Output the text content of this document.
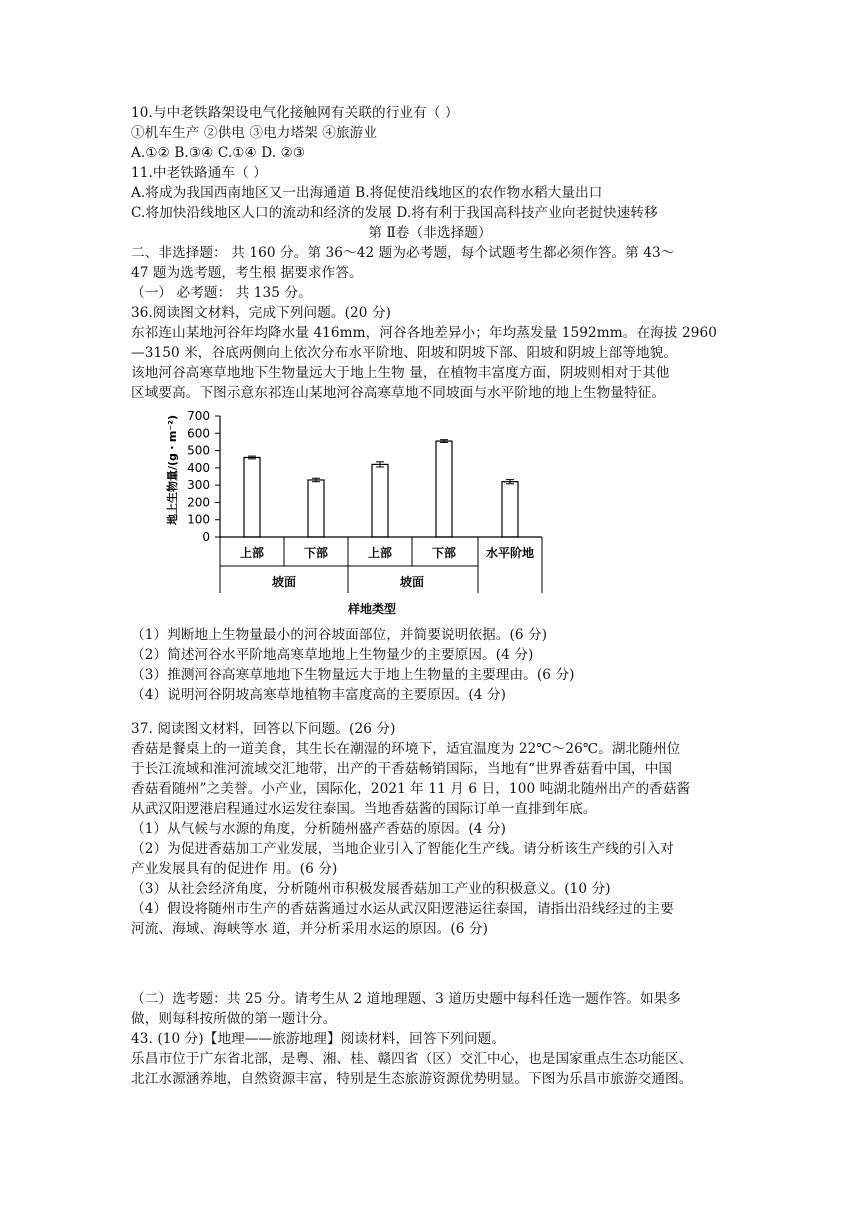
10.与中老铁路架设电气化接触网有关联的行业有（ ）
①机车生产 ②供电 ③电力塔架 ④旅游业
A.①② B.③④ C.①④ D. ②③
11.中老铁路通车（ ）
A.将成为我国西南地区又一出海通道 B.将促使沿线地区的农作物水稻大量出口
C.将加快沿线地区人口的流动和经济的发展 D.将有利于我国高科技产业向老挝快速转移
第 Ⅱ卷（非选择题）
二、非选择题： 共 160 分。第 36～42 题为必考题，每个试题考生都必须作答。第 43～
47 题为选考题，考生根 据要求作答。
（一） 必考题： 共 135 分。
36.阅读图文材料，完成下列问题。(20 分)
东祁连山某地河谷年均降水量 416mm，河谷各地差异小；年均蒸发量 1592mm。在海拔 2960
—3150 米，谷底两侧向上依次分布水平阶地、阳坡和阴坡下部、阳坡和阴坡上部等地貌。
该地河谷高寒草地地下生物量远大于地上生物 量，在植物丰富度方面，阴坡则相对于其他
区域要高。下图示意东祁连山某地河谷高寒草地不同坡面与水平阶地的地上生物量特征。
0
100
200
300
400
500
600
700
上部	下部	上部	下部 水平阶地
坡面	坡面
地上生物量/(g・m⁻²)
样地类型
（1）判断地上生物量最小的河谷坡面部位，并简要说明依据。(6 分)
（2）简述河谷水平阶地高寒草地地上生物量少的主要原因。(4 分)
（3）推测河谷高寒草地地下生物量远大于地上生物量的主要理由。(6 分)
（4）说明河谷阴坡高寒草地植物丰富度高的主要原因。(4 分)
37. 阅读图文材料，回答以下问题。(26 分)
香菇是餐桌上的一道美食，其生长在潮湿的环境下，适宜温度为 22℃～26℃。湖北随州位
于长江流域和淮河流域交汇地带，出产的干香菇畅销国际，当地有“世界香菇看中国，中国
香菇看随州”之美誉。小产业，国际化，2021 年 11 月 6 日，100 吨湖北随州出产的香菇酱
从武汉阳逻港启程通过水运发往泰国。当地香菇酱的国际订单一直排到年底。
（1）从气候与水源的角度，分析随州盛产香菇的原因。(4 分)
（2）为促进香菇加工产业发展，当地企业引入了智能化生产线。请分析该生产线的引入对
产业发展具有的促进作 用。(6 分)
（3）从社会经济角度，分析随州市积极发展香菇加工产业的积极意义。(10 分)
（4）假设将随州市生产的香菇酱通过水运从武汉阳逻港运往泰国，请指出沿线经过的主要
河流、海域、海峡等水 道，并分析采用水运的原因。(6 分)
（二）选考题：共 25 分。请考生从 2 道地理题、3 道历史题中每科任选一题作答。如果多
做，则每科按所做的第一题计分。
43. (10 分)【地理——旅游地理】阅读材料，回答下列问题。
乐昌市位于广东省北部，是粤、湘、桂、赣四省（区）交汇中心，也是国家重点生态功能区、
北江水源涵养地，自然资源丰富，特别是生态旅游资源优势明显。下图为乐昌市旅游交通图。
